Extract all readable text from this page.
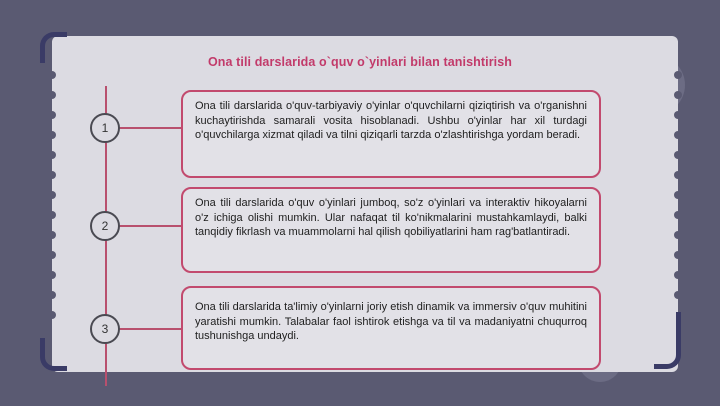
Ona tili darslarida o`quv o`yinlari bilan tanishtirish
1
2
3
Ona tili darslarida o'quv-tarbiyaviy o'yinlar o'quvchilarni qiziqtirish va o'rganishni kuchaytirishda samarali vosita hisoblanadi. Ushbu o'yinlar har xil turdagi o'quvchilarga xizmat qiladi va tilni qiziqarli tarzda o'zlashtirishga yordam beradi.
Ona tili darslarida o'quv o'yinlari jumboq, so'z o'yinlari va interaktiv hikoyalarni o'z ichiga olishi mumkin. Ular nafaqat til ko'nikmalarini mustahkamlaydi, balki tanqidiy fikrlash va muammolarni hal qilish qobiliyatlarini ham rag'batlantiradi.
Ona tili darslarida ta'limiy o'yinlarni joriy etish dinamik va immersiv o'quv muhitini yaratishi mumkin. Talabalar faol ishtirok etishga va til va madaniyatni chuqurroq tushunishga undaydi.
